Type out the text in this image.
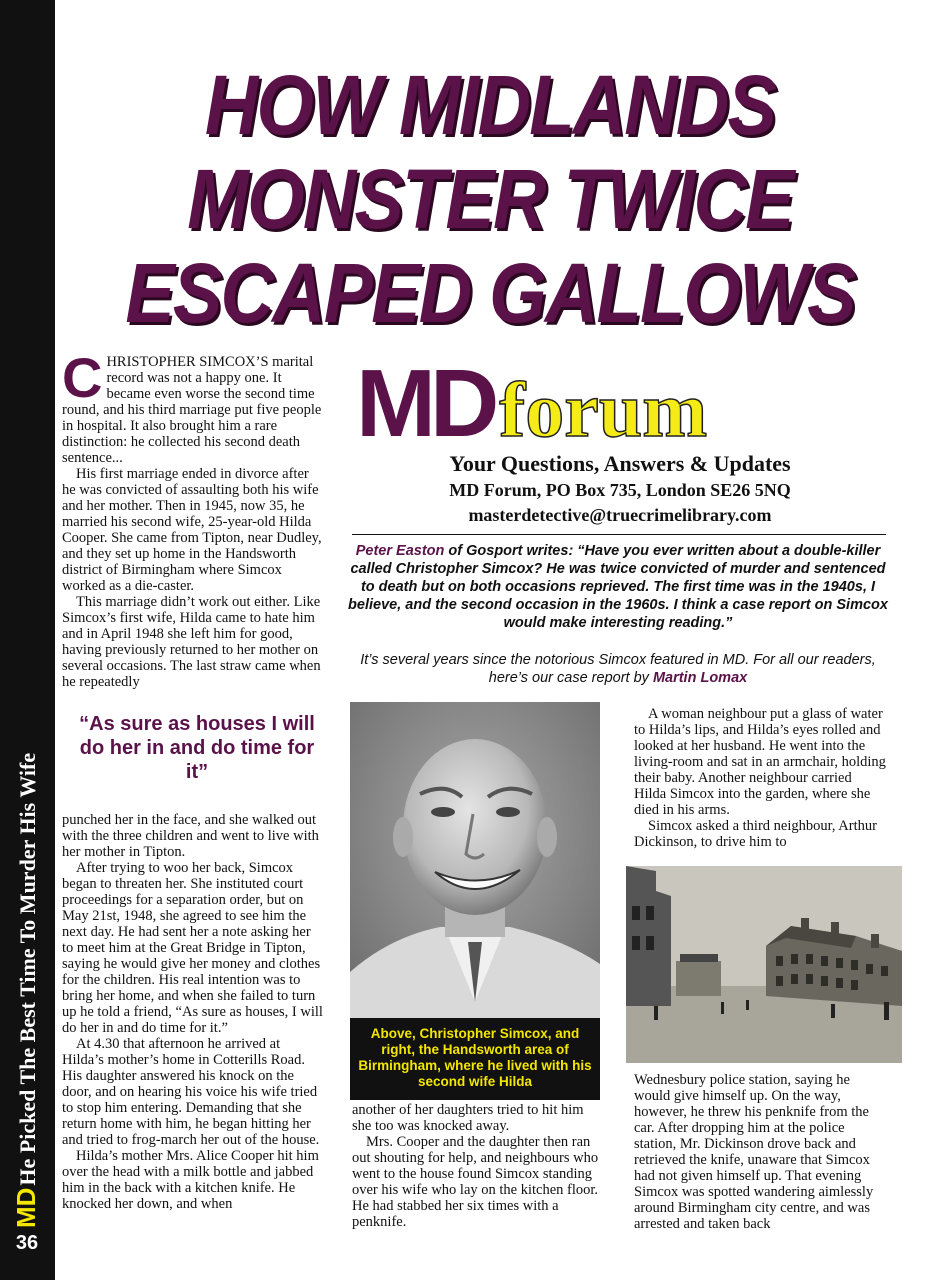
MDHe Picked The Best Time To Murder His Wife
36
HOW MIDLANDS
MONSTER TWICE
ESCAPED GALLOWS

CHRISTOPHER SIMCOX’S marital record was not a happy one. It became even worse the second time round, and his third marriage put five people in hospital. It also brought him a rare distinction: he collected his second death sentence...

His first marriage ended in divorce after he was convicted of assaulting both his wife and her mother. Then in 1945, now 35, he married his second wife, 25-year-old Hilda Cooper. She came from Tipton, near Dudley, and they set up home in the Handsworth district of Birmingham where Simcox worked as a die-caster.

This marriage didn’t work out either. Like Simcox’s first wife, Hilda came to hate him and in April 1948 she left him for good, having previously returned to her mother on several occasions. The last straw came when he repeatedly

“As sure as houses I will do her in and do time for it”

punched her in the face, and she walked out with the three children and went to live with her mother in Tipton.

After trying to woo her back, Simcox began to threaten her. She instituted court proceedings for a separation order, but on May 21st, 1948, she agreed to see him the next day. He had sent her a note asking her to meet him at the Great Bridge in Tipton, saying he would give her money and clothes for the children. His real intention was to bring her home, and when she failed to turn up he told a friend, “As sure as houses, I will do her in and do time for it.”

At 4.30 that afternoon he arrived at Hilda’s mother’s home in Cotterills Road. His daughter answered his knock on the door, and on hearing his voice his wife tried to stop him entering. Demanding that she return home with him, he began hitting her and tried to frog-march her out of the house.

Hilda’s mother Mrs. Alice Cooper hit him over the head with a milk bottle and jabbed him in the back with a kitchen knife. He knocked her down, and when

MDforum
Your Questions, Answers & Updates
MD Forum, PO Box 735, London SE26 5NQ
masterdetective@truecrimelibrary.com
Peter Easton of Gosport writes: “Have you ever written about a double-killer called Christopher Simcox? He was twice convicted of murder and sentenced to death but on both occasions reprieved. The first time was in the 1940s, I believe, and the second occasion in the 1960s. I think a case report on Simcox would make interesting reading.”
It’s several years since the notorious Simcox featured in MD. For all our readers, here’s our case report by Martin Lomax
Above, Christopher Simcox, and right, the Handsworth area of Birmingham, where he lived with his second wife Hilda

another of her daughters tried to hit him she too was knocked away.

Mrs. Cooper and the daughter then ran out shouting for help, and neighbours who went to the house found Simcox standing over his wife who lay on the kitchen floor. He had stabbed her six times with a penknife.

A woman neighbour put a glass of water to Hilda’s lips, and Hilda’s eyes rolled and looked at her husband. He went into the living-room and sat in an armchair, holding their baby. Another neighbour carried Hilda Simcox into the garden, where she died in his arms.

Simcox asked a third neighbour, Arthur Dickinson, to drive him to

Wednesbury police station, saying he would give himself up. On the way, however, he threw his penknife from the car. After dropping him at the police station, Mr. Dickinson drove back and retrieved the knife, unaware that Simcox had not given himself up. That evening Simcox was spotted wandering aimlessly around Birmingham city centre, and was arrested and taken back
